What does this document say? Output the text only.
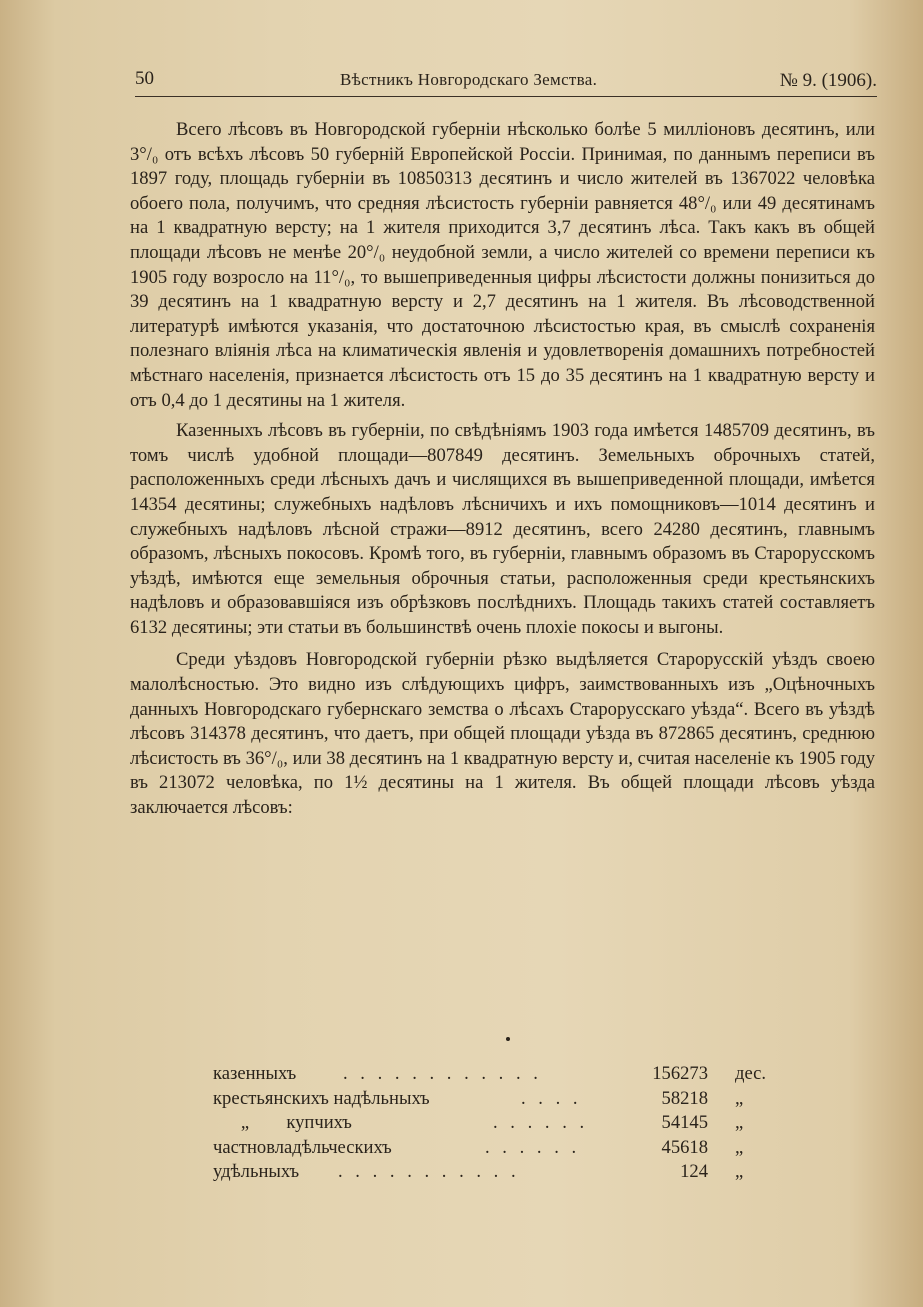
50	Вѣстникъ Новгородскаго Земства.	№ 9. (1906).

Всего лѣсовъ въ Новгородской губерніи нѣсколько болѣе 5 милліоновъ десятинъ, или 3°/₀ отъ всѣхъ лѣсовъ 50 губерній Европейской Россіи. Принимая, по даннымъ переписи въ 1897 году, площадь губерніи въ 10850313 десятинъ и число жителей въ 1367022 человѣка обоего пола, получимъ, что средняя лѣсистость губерніи равняется 48°/₀ или 49 десятинамъ на 1 квадратную версту; на 1 жителя приходится 3,7 десятинъ лѣса. Такъ какъ въ общей площади лѣсовъ не менѣе 20°/₀ неудобной земли, а число жителей со времени переписи къ 1905 году возросло на 11°/₀, то вышеприведенныя цифры лѣсистости должны понизиться до 39 десятинъ на 1 квадратную версту и 2,7 десятинъ на 1 жителя. Въ лѣсоводственной литературѣ имѣются указанія, что достаточною лѣсистостью края, въ смыслѣ сохраненія полезнаго вліянія лѣса на климатическія явленія и удовлетворенія домашнихъ потребностей мѣстнаго населенія, признается лѣсистость отъ 15 до 35 десятинъ на 1 квадратную версту и отъ 0,4 до 1 десятины на 1 жителя.

Казенныхъ лѣсовъ въ губерніи, по свѣдѣніямъ 1903 года имѣется 1485709 десятинъ, въ томъ числѣ удобной площади—807849 десятинъ. Земельныхъ оброчныхъ статей, расположенныхъ среди лѣсныхъ дачъ и числящихся въ вышеприведенной площади, имѣется 14354 десятины; служебныхъ надѣловъ лѣсничихъ и ихъ помощниковъ—1014 десятинъ и служебныхъ надѣловъ лѣсной стражи—8912 десятинъ, всего 24280 десятинъ, главнымъ образомъ, лѣсныхъ покосовъ. Кромѣ того, въ губерніи, главнымъ образомъ въ Старорусскомъ уѣздѣ, имѣются еще земельныя оброчныя статьи, расположенныя среди крестьянскихъ надѣловъ и образовавшіяся изъ обрѣзковъ послѣднихъ. Площадь такихъ статей составляетъ 6132 десятины; эти статьи въ большинствѣ очень плохіе покосы и выгоны.

Среди уѣздовъ Новгородской губерніи рѣзко выдѣляется Старорусскій уѣздъ своею малолѣсностью. Это видно изъ слѣдующихъ цифръ, заимствованныхъ изъ „Оцѣночныхъ данныхъ Новгородскаго губернскаго земства о лѣсахъ Старорусскаго уѣзда“. Всего въ уѣздѣ лѣсовъ 314378 десятинъ, что даетъ, при общей площади уѣзда въ 872865 десятинъ, среднюю лѣсистость въ 36°/₀, или 38 десятинъ на 1 квадратную версту и, считая населеніе къ 1905 году въ 213072 человѣка, по 1½ десятины на 1 жителя. Въ общей площади лѣсовъ уѣзда заключается лѣсовъ:

казенныхъ	. . . . . . . . . . . .	156273 дес.
крестьянскихъ надѣльныхъ	. . . .	58218 „
„        купчихъ	. . . . . .	54145 „
частновладѣльческихъ	. . . . . .	45618 „
удѣльныхъ . . . . . . . . . . .	124 „
